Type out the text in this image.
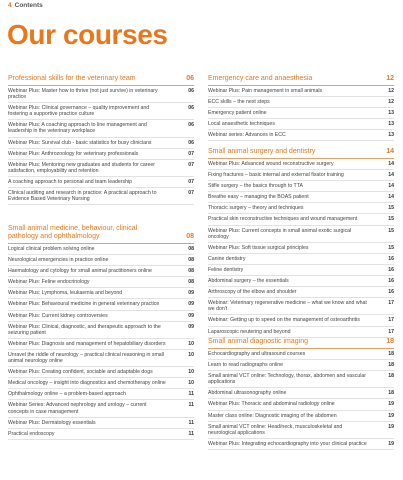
4 Contents
Our courses
Professional skills for the veterinary team	06
Webinar Plus: Master how to thrive (not just survive) in veterinary practice
06
Webinar Plus: Clinical governance – quality improvement and fostering a supportive practice culture
06
Webinar Plus: A coaching approach to line management and leadership in the veterinary workplace
06
Webinar Plus: Survival club - basic statistics for busy clinicians	06
Webinar Plus: Anthrozoology for veterinary professionals	07
Webinar Plus: Mentoring new graduates and students for career satisfaction, employability and retention
07
A coaching approach to personal and team leadership	07
Clinical auditing and research in practice: A practical approach to Evidence Based Veterinary Nursing
07
Small animal medicine, behaviour, clinical pathology and ophthalmology	08
Logical clinical problem solving online	08
Neurological emergencies in practice online	08
Haematology and cytology for small animal practitioners online	08
Webinar Plus: Feline endocrinology	08
Webinar Plus: Lymphoma, leukaemia and beyond	09
Webinar Plus: Behavioural medicine in general veterinary practice	09
Webinar Plus: Current kidney controversies	09
Webinar Plus: Clinical, diagnostic, and therapeutic approach to the seizuring patient
09
Webinar Plus: Diagnosis and management of hepatobiliary disorders	10
Unravel the riddle of neurology – practical clinical reasoning in small animal neurology online
10
Webinar Plus: Creating confident, sociable and adaptable dogs	10
Medical oncology – insight into diagnostics and chemotherapy online	10
Ophthalmology online – a problem-based approach	11
Webinar Series: Advanced nephrology and urology – current concepts in case management
11
Webinar Plus: Dermatology essentials	11
Practical endoscopy	11
Emergency care and anaesthesia	12
Webinar Plus: Pain management in small animals	12
ECC skills – the next steps	12
Emergency patient online	13
Local anaesthetic techniques	13
Webinar series: Advances in ECC	13
Small animal surgery and dentistry	14
Webinar Plus: Advanced wound reconstructive surgery	14
Fixing fractures – basic internal and external fixator training	14
Stifle surgery – the basics through to TTA	14
Breathe easy – managing the BOAS patient	14
Thoracic surgery – theory and techniques	15
Practical skin reconstructive techniques and wound management	15
Webinar Plus: Current concepts in small animal exotic surgical oncology
15
Webinar Plus: Soft tissue surgical principles	15
Canine dentistry	16
Feline dentistry	16
Abdominal surgery – the essentials	16
Arthroscopy of the elbow and shoulder	16
Webinar: Veterinary regenerative medicine – what we know and what we don't
17
Webinar: Getting up to speed on the management of osteoarthritis	17
Laparoscopic neutering and beyond	17
Small animal diagnostic imaging	18
Echocardiography and ultrasound courses	18
Learn to read radiographs online	18
Small animal VCT online: Technology, thorax, abdomen and vascular applications
18
Abdominal ultrasonography online	18
Webinar Plus: Thoracic and abdominal radiology online	19
Master class online: Diagnostic imaging of the abdomen	19
Small animal VCT online: Head/neck, musculoskeletal and neurological applications
19
Webinar Plus: Integrating echocardiography into your clinical practice	19
